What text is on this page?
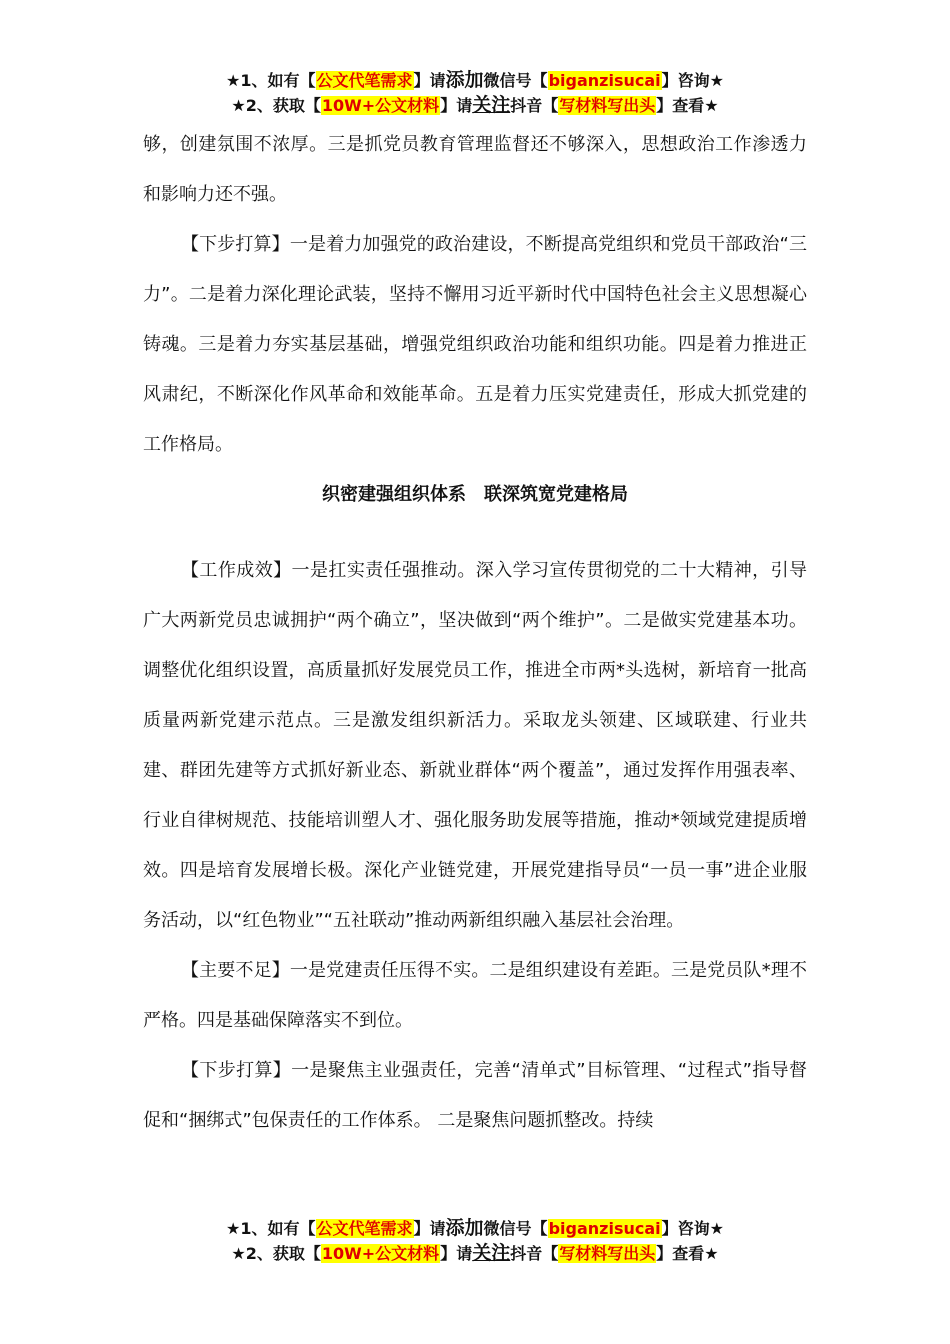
★1、如有【公文代笔需求】请添加微信号【biganzisucai】咨询★
★2、获取【10W+公文材料】请关注抖音【写材料写出头】查看★

够，创建氛围不浓厚。三是抓党员教育管理监督还不够深入，思想政治工作渗透力和影响力还不强。

【下步打算】一是着力加强党的政治建设，不断提高党组织和党员干部政治“三力”。二是着力深化理论武装，坚持不懈用习近平新时代中国特色社会主义思想凝心铸魂。三是着力夯实基层基础，增强党组织政治功能和组织功能。四是着力推进正风肃纪，不断深化作风革命和效能革命。五是着力压实党建责任，形成大抓党建的工作格局。

织密建强组织体系　联深筑宽党建格局

【工作成效】一是扛实责任强推动。深入学习宣传贯彻党的二十大精神，引导广大两新党员忠诚拥护“两个确立”，坚决做到“两个维护”。二是做实党建基本功。调整优化组织设置，高质量抓好发展党员工作，推进全市两*头选树，新培育一批高质量两新党建示范点。三是激发组织新活力。采取龙头领建、区域联建、行业共建、群团先建等方式抓好新业态、新就业群体“两个覆盖”，通过发挥作用强表率、行业自律树规范、技能培训塑人才、强化服务助发展等措施，推动*领域党建提质增效。四是培育发展增长极。深化产业链党建，开展党建指导员“一员一事”进企业服务活动，以“红色物业”“五社联动”推动两新组织融入基层社会治理。

【主要不足】一是党建责任压得不实。二是组织建设有差距。三是党员队*理不严格。四是基础保障落实不到位。

【下步打算】一是聚焦主业强责任，完善“清单式”目标管理、“过程式”指导督促和“捆绑式”包保责任的工作体系。 二是聚焦问题抓整改。持续

★1、如有【公文代笔需求】请添加微信号【biganzisucai】咨询★
★2、获取【10W+公文材料】请关注抖音【写材料写出头】查看★
